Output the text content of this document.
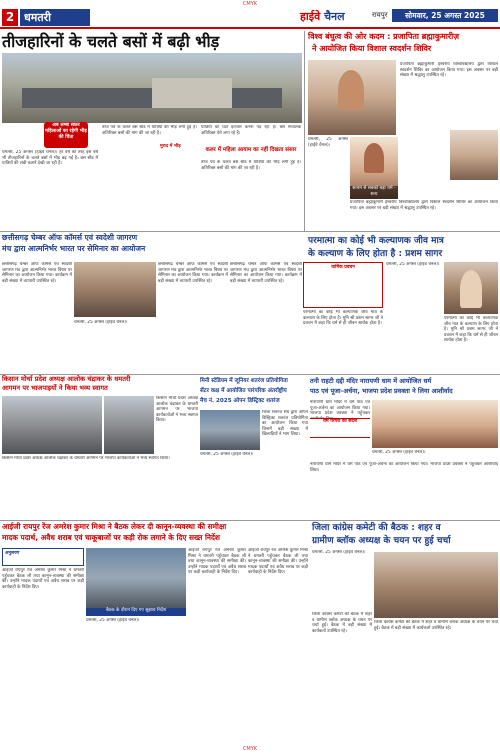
CMYK
2 धमतरी	हाईवे चैनल	रायपुर	सोमवार, 25 अगस्त 2025
तीजहारिनों के चलते बसों में बढ़ी भीड़
अब लम्बा सफ़र महिलाओं का रहेगी भीड़ की चिंता
धमतरी, 25 अगस्त (हाईवे चैनल)। हर वर्ष की तरह इस वर्ष भी तीजहारिनों के चलते बसों में भीड़ बढ़ गई है। बस स्टैंड में यात्रियों की लंबी कतारें देखी जा रही हैं।
तीज पर्व के चलते बस स्टैंड में यात्रियों की भीड़ लगी हुई है। अतिरिक्त बसों की मांग की जा रही है।
मुराद में भीड़
यात्रियों को घंटों इंतजार करना पड़ रहा है। बस संचालक अतिरिक्त फेरे लगा रहे हैं।
कलर में महिला आयाम का नहीं दिखता संसार
तीज पर्व के चलते बस स्टैंड में यात्रियों की भीड़ लगी हुई है। अतिरिक्त बसों की मांग की जा रही है।
विश्व बंधुत्व की ओर कदम : प्रजापिता ब्रह्माकुमारीज़
ने आयोजित किया विशाल स्वदर्शन शिविर
प्रजापिता ब्रह्माकुमारी ईश्वरीय विश्वविद्यालय द्वारा विशाल स्वदर्शन शिविर का आयोजन किया गया। इस अवसर पर बड़ी संख्या में श्रद्धालु उपस्थित रहे।
धमतरी, 25 अगस्त (हाईवे चैनल)।
सत्यम से सबको बड़ा धर्म - सत्य
प्रजापिता ब्रह्माकुमारी ईश्वरीय विश्वविद्यालय द्वारा विशाल स्वदर्शन शिविर का आयोजन किया गया। इस अवसर पर बड़ी संख्या में श्रद्धालु उपस्थित रहे।
छत्तीसगढ़ चेम्बर ऑफ कॉमर्स एवं स्वदेशी जागरण
मंच द्वारा आत्मनिर्भर भारत पर सेमिनार का आयोजन
छत्तीसगढ़ चेम्बर ऑफ कॉमर्स एवं स्वदेशी जागरण मंच द्वारा आत्मनिर्भर भारत विषय पर सेमिनार का आयोजन किया गया। कार्यक्रम में बड़ी संख्या में व्यापारी उपस्थित रहे।
धमतरी, 25 अगस्त (हाईवे चैनल)।
छत्तीसगढ़ चेम्बर ऑफ कॉमर्स एवं स्वदेशी जागरण मंच द्वारा आत्मनिर्भर भारत विषय पर सेमिनार का आयोजन किया गया। कार्यक्रम में बड़ी संख्या में व्यापारी उपस्थित रहे।
छत्तीसगढ़ चेम्बर ऑफ कॉमर्स एवं स्वदेशी जागरण मंच द्वारा आत्मनिर्भर भारत विषय पर सेमिनार का आयोजन किया गया। कार्यक्रम में बड़ी संख्या में व्यापारी उपस्थित रहे।
परमात्मा का कोई भी कल्याणक जीव मात्र
के कल्याण के लिए होता है : प्रशम सागर
धार्मिक प्रवचन
परमात्मा का कोई भी कल्याणक जीव मात्र के कल्याण के लिए होता है। मुनि श्री प्रशम सागर जी ने प्रवचन में कहा कि धर्म से ही जीवन सार्थक होता है।
धमतरी, 25 अगस्त (हाईवे चैनल)।
परमात्मा का कोई भी कल्याणक जीव मात्र के कल्याण के लिए होता है। मुनि श्री प्रशम सागर जी ने प्रवचन में कहा कि धर्म से ही जीवन सार्थक होता है।
किसान मोर्चा प्रदेश अध्यक्ष आलोक चंद्राकर के धमतरी
आगमन पर भाजपाइयों ने किया भव्य स्वागत
किसान मोर्चा प्रदेश अध्यक्ष आलोक चंद्राकर के धमतरी आगमन पर भाजपा कार्यकर्ताओं ने भव्य स्वागत किया।
किसान मोर्चा प्रदेश अध्यक्ष आलोक चंद्राकर के धमतरी आगमन पर भाजपा कार्यकर्ताओं ने भव्य स्वागत किया।
मिनी स्टेडियम में जूनियर शतरंज प्रतियोगिता
सेंटर कक्ष में आयोजित पारंपरिक अंतर्राष्ट्रीय
मैच नं. 2025 ओपन डिस्ट्रिक्ट शतरंज
जिला शतरंज संघ द्वारा ओपन डिस्ट्रिक्ट शतरंज प्रतियोगिता का आयोजन किया गया जिसमें बड़ी संख्या में खिलाड़ियों ने भाग लिया।
धमतरी, 25 अगस्त (हाईवे चैनल)।
तनी राहटी दद्दी मंदिर नारायणी धाम में आयोजित धर्म
पाठ एवं पूजा-अर्चना, भाजपा प्रदेश प्रवक्ता ने लिया आशीर्वाद
नारायणी धाम मंदिर में धर्म पाठ एवं पूजा-अर्चना का आयोजन किया गया। भाजपा प्रदेश प्रवक्ता ने पहुँचकर
धर्म परंपरा का संदेश
धमतरी, 25 अगस्त (हाईवे चैनल)।
नारायणी धाम मंदिर में धर्म पाठ एवं पूजा-अर्चना का आयोजन किया गया। भाजपा प्रदेश प्रवक्ता ने पहुँचकर आशीर्वाद लिया।
आईजी रायपुर रेंज अमरेश कुमार मिश्रा ने बैठक लेकर दी कानून-व्यवस्था की समीक्षा
मादक पदार्थ, अवैध शराब एवं चाकूबाजों पर कड़ी रोक लगाने के दिए सख्त निर्देश
अनुसरण
आईजी रायपुर रेंज अमरेश कुमार मिश्रा ने धमतरी पहुँचकर बैठक ली तथा कानून-व्यवस्था की समीक्षा की। उन्होंने मादक पदार्थों एवं अवैध शराब पर कड़ी कार्यवाही के निर्देश दिए।
बैठक के दौरान दिए गए सुझाव निर्देश
धमतरी, 25 अगस्त (हाईवे चैनल)।
आईजी रायपुर रेंज अमरेश कुमार मिश्रा ने धमतरी पहुँचकर बैठक ली तथा कानून-व्यवस्था की समीक्षा की। उन्होंने मादक पदार्थों एवं अवैध शराब पर कड़ी कार्यवाही के निर्देश दिए।
आईजी रायपुर रेंज अमरेश कुमार मिश्रा ने धमतरी पहुँचकर बैठक ली तथा कानून-व्यवस्था की समीक्षा की। उन्होंने मादक पदार्थों एवं अवैध शराब पर कड़ी कार्यवाही के निर्देश दिए।
जिला कांग्रेस कमेटी की बैठक : शहर व
ग्रामीण ब्लॉक अध्यक्ष के चयन पर हुई चर्चा
धमतरी, 25 अगस्त (हाईवे चैनल)।
जिला कांग्रेस कमेटी की बैठक में शहर व ग्रामीण ब्लॉक अध्यक्ष के चयन पर चर्चा हुई। बैठक में बड़ी संख्या में कार्यकर्ता उपस्थित रहे।
जिला कांग्रेस कमेटी की बैठक में शहर व ग्रामीण ब्लॉक अध्यक्ष के चयन पर चर्चा हुई। बैठक में बड़ी संख्या में कार्यकर्ता उपस्थित रहे।
CMYK
